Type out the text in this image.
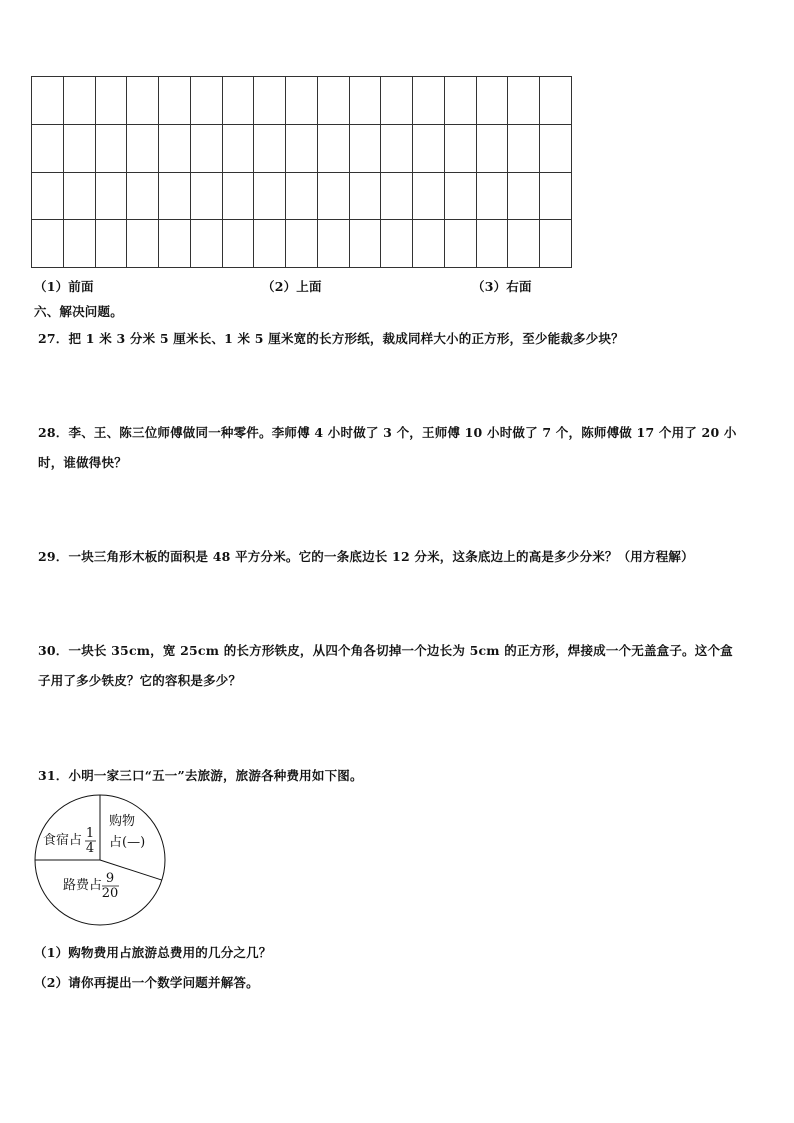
（1）前面	（2）上面	（3）右面
六、解决问题。
27．把 1 米 3 分米 5 厘米长、1 米 5 厘米宽的长方形纸，裁成同样大小的正方形，至少能裁多少块？
28．李、王、陈三位师傅做同一种零件。李师傅 4 小时做了 3 个，王师傅 10 小时做了 7 个，陈师傅做 17 个用了 20 小
时，谁做得快？
29．一块三角形木板的面积是 48 平方分米。它的一条底边长 12 分米，这条底边上的高是多少分米？（用方程解）
30．一块长 35cm，宽 25cm 的长方形铁皮，从四个角各切掉一个边长为 5cm 的正方形，焊接成一个无盖盒子。这个盒
子用了多少铁皮？它的容积是多少？
31．小明一家三口“五一”去旅游，旅游各种费用如下图。
食宿占 1
4
购物
占(—)
路费占 9
20
（1）购物费用占旅游总费用的几分之几？
（2）请你再提出一个数学问题并解答。
